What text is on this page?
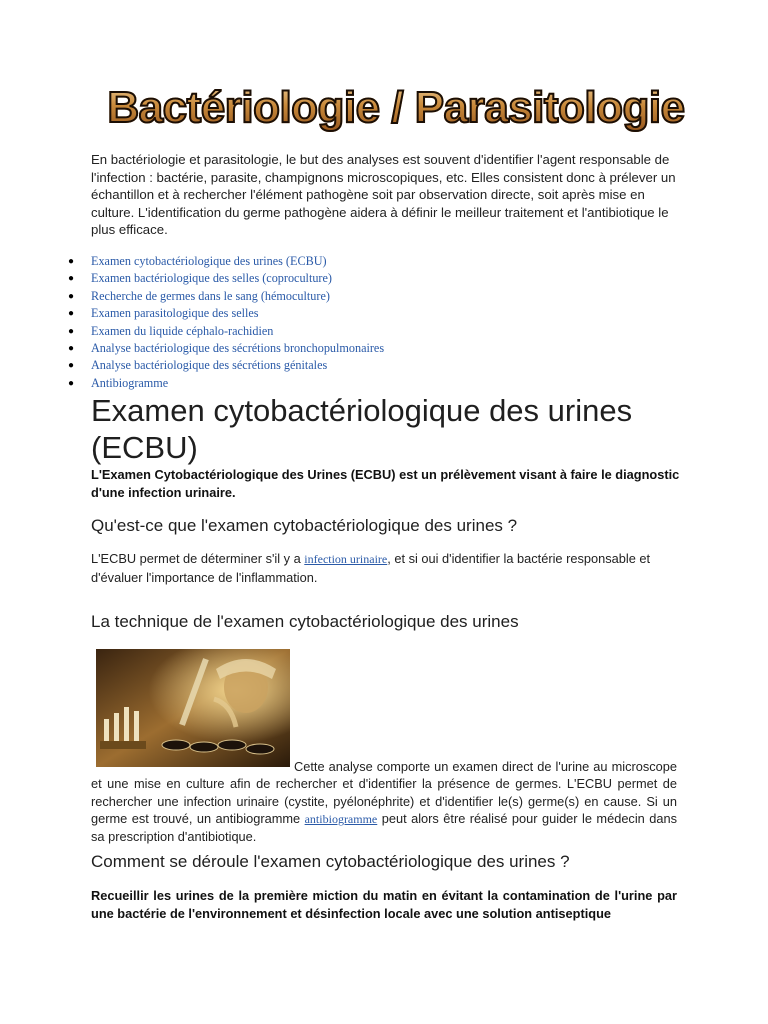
Bactériologie / Parasitologie

En bactériologie et parasitologie, le but des analyses est souvent d'identifier l'agent responsable de l'infection : bactérie, parasite, champignons microscopiques, etc. Elles consistent donc à prélever un échantillon et à rechercher l'élément pathogène soit par observation directe, soit après mise en culture. L'identification du germe pathogène aidera à définir le meilleur traitement et l'antibiotique le plus efficace.

● Examen cytobactériologique des urines (ECBU)
● Examen bactériologique des selles (coproculture)
● Recherche de germes dans le sang (hémoculture)
● Examen parasitologique des selles
● Examen du liquide céphalo-rachidien
● Analyse bactériologique des sécrétions bronchopulmonaires
● Analyse bactériologique des sécrétions génitales
● Antibiogramme
Examen cytobactériologique des urines (ECBU)

L'Examen Cytobactériologique des Urines (ECBU) est un prélèvement visant à faire le diagnostic d'une infection urinaire.

Qu'est-ce que l'examen cytobactériologique des urines ?

L'ECBU permet de déterminer s'il y a infection urinaire, et si oui d'identifier la bactérie responsable et d'évaluer l'importance de l'inflammation.

La technique de l'examen cytobactériologique des urines

Cette analyse comporte un examen direct de l'urine au microscope et une mise en culture afin de rechercher et d'identifier la présence de germes. L'ECBU permet de rechercher une infection urinaire (cystite, pyélonéphrite) et d'identifier le(s) germe(s) en cause. Si un germe est trouvé, un antibiogramme antibiogramme peut alors être réalisé pour guider le médecin dans sa prescription d'antibiotique.

Comment se déroule l'examen cytobactériologique des urines ?

Recueillir les urines de la première miction du matin en évitant la contamination de l'urine par une bactérie de l'environnement et désinfection locale avec une solution antiseptique
